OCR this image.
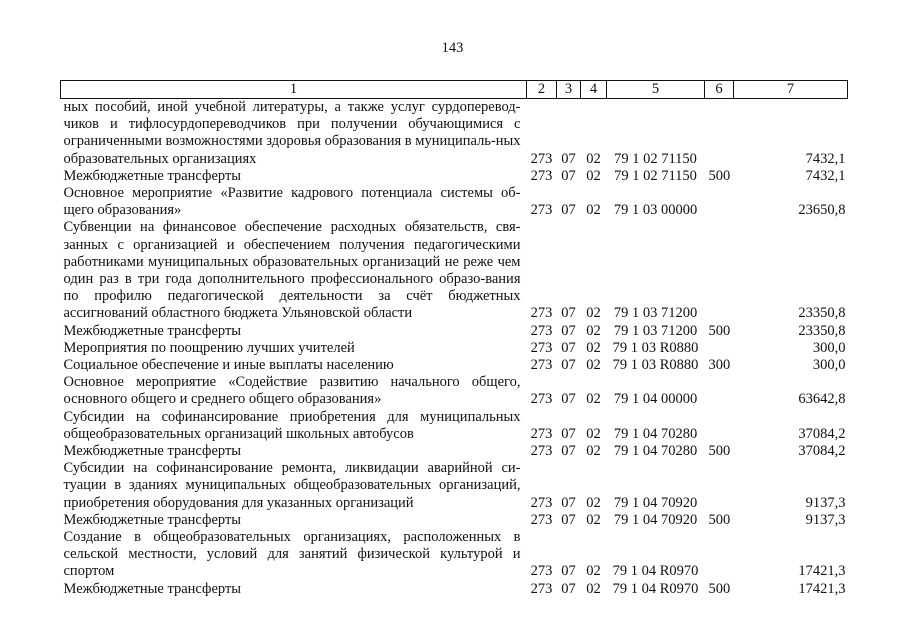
143
1	2	3	4	5	6	7
ных пособий, иной учебной литературы, а также услуг сурдоперевод-чиков и тифлосурдопереводчиков при получении обучающимися с ограниченными возможностями здоровья образования в муниципаль-ных образовательных организациях	273	07	02	79 1 02 71150		7432,1
Межбюджетные трансферты	273	07	02	79 1 02 71150	500	7432,1
Основное мероприятие «Развитие кадрового потенциала системы об-щего образования»	273	07	02	79 1 03 00000		23650,8
Субвенции на финансовое обеспечение расходных обязательств, свя-занных с организацией и обеспечением получения педагогическими работниками муниципальных образовательных организаций не реже чем один раз в три года дополнительного профессионального образо-вания по профилю педагогической деятельности за счёт бюджетных ассигнований областного бюджета Ульяновской области	273	07	02	79 1 03 71200		23350,8
Межбюджетные трансферты	273	07	02	79 1 03 71200	500	23350,8
Мероприятия по поощрению лучших учителей	273	07	02	79 1 03 R0880		300,0
Социальное обеспечение и иные выплаты населению	273	07	02	79 1 03 R0880	300	300,0
Основное мероприятие «Содействие развитию начального общего, основного общего и среднего общего образования»	273	07	02	79 1 04 00000		63642,8
Субсидии на софинансирование приобретения для муниципальных общеобразовательных организаций школьных автобусов	273	07	02	79 1 04 70280		37084,2
Межбюджетные трансферты	273	07	02	79 1 04 70280	500	37084,2
Субсидии на софинансирование ремонта, ликвидации аварийной си-туации в зданиях муниципальных общеобразовательных организаций, приобретения оборудования для указанных организаций	273	07	02	79 1 04 70920		9137,3
Межбюджетные трансферты	273	07	02	79 1 04 70920	500	9137,3
Создание в общеобразовательных организациях, расположенных в сельской местности, условий для занятий физической культурой и спортом	273	07	02	79 1 04 R0970		17421,3
Межбюджетные трансферты	273	07	02	79 1 04 R0970	500	17421,3
